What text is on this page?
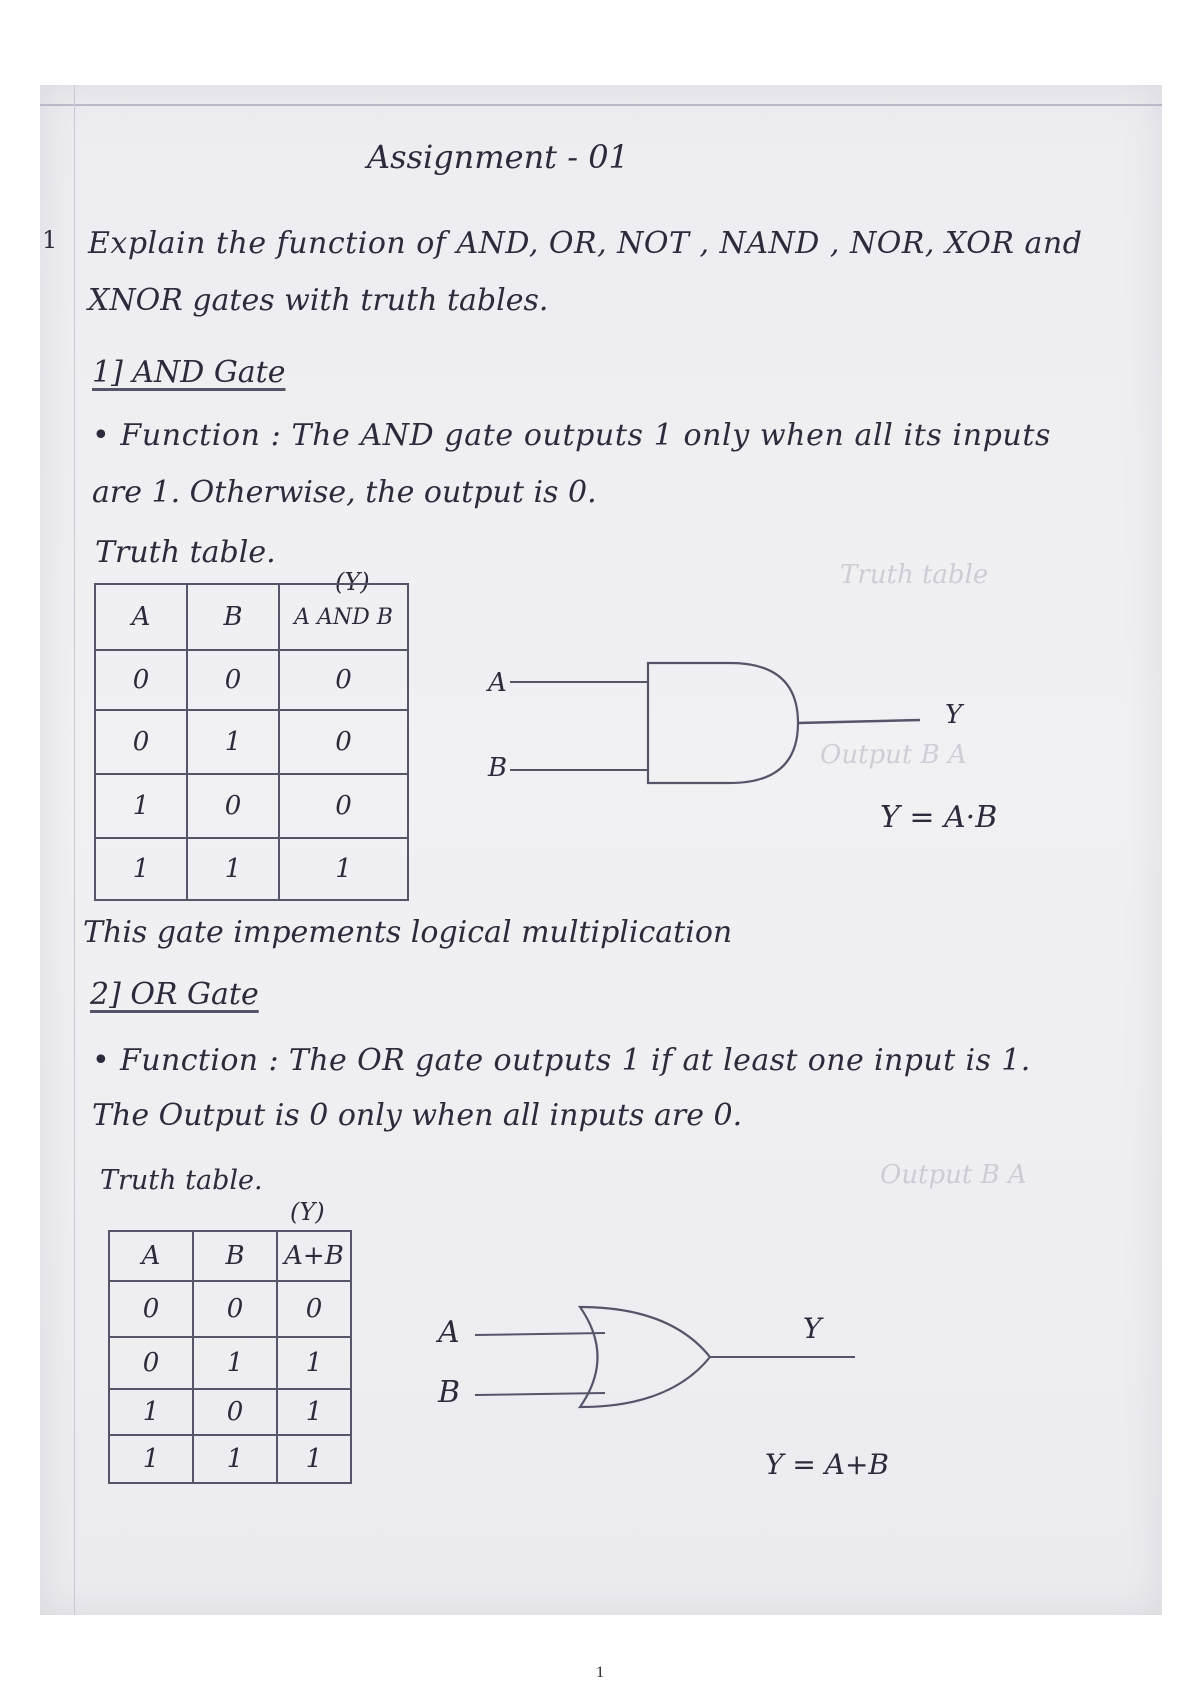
Truth table
Output B A
Output B A
Assignment - 01
1 Explain the function of AND, OR, NOT , NAND , NOR, XOR and
XNOR gates with truth tables.
1] AND Gate
• Function : The AND gate outputs 1 only when all its inputs
are 1. Otherwise, the output is 0.
Truth table.
(Y)
A	B	A AND B
0	0	0
0	1	0
1	0	0
1	1	1
A
B
Y
Y = A·B
This gate impements logical multiplication
2] OR Gate
• Function : The OR gate outputs 1 if at least one input is 1.
The Output is 0 only when all inputs are 0.
Truth table.
(Y)
A	B	A+B
0	0	0
0	1	1
1	0	1
1	1	1
A
B
Y
Y = A+B
1
